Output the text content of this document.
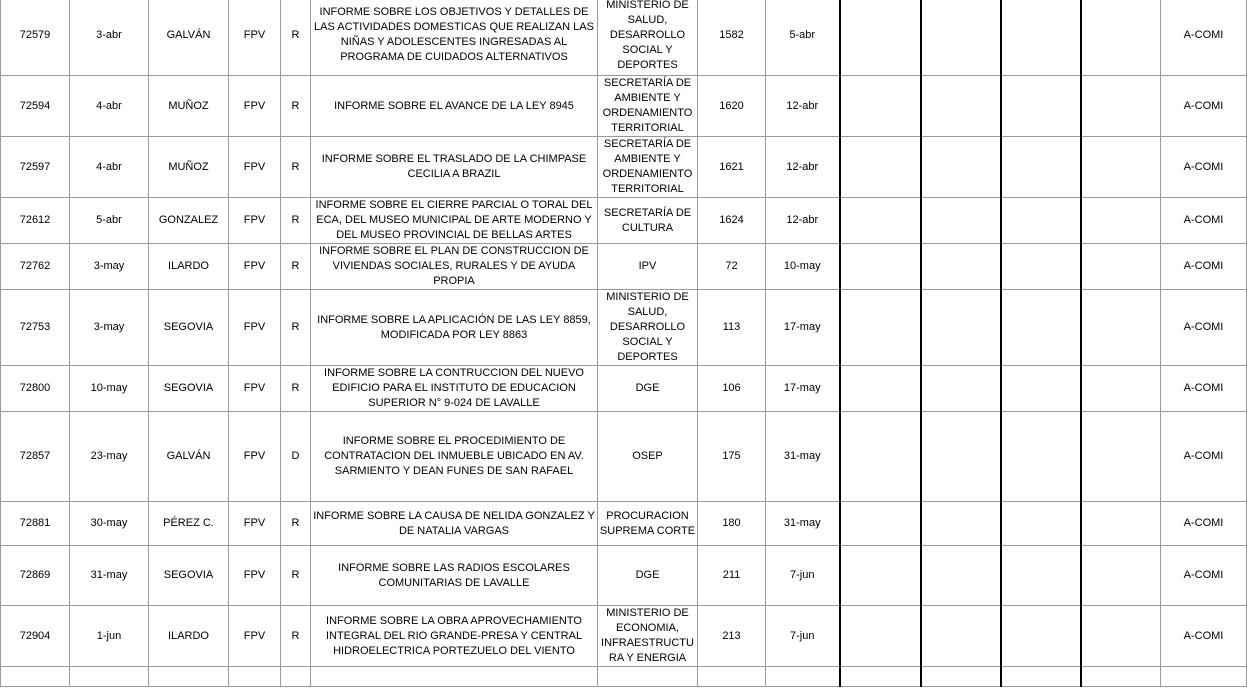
72579	3-abr	GALVÁN	FPV	R	INFORME SOBRE LOS OBJETIVOS Y DETALLES DE LAS ACTIVIDADES DOMESTICAS QUE REALIZAN LAS NIÑAS Y ADOLESCENTES INGRESADAS AL PROGRAMA DE CUIDADOS ALTERNATIVOS	MINISTERIO DE SALUD, DESARROLLO SOCIAL Y DEPORTES	1582	5-abr					A-COMI
72594	4-abr	MUÑOZ	FPV	R	INFORME SOBRE EL AVANCE DE LA LEY 8945	SECRETARÍA DE AMBIENTE Y ORDENAMIENTO TERRITORIAL	1620	12-abr					A-COMI
72597	4-abr	MUÑOZ	FPV	R	INFORME SOBRE EL TRASLADO DE LA CHIMPASE CECILIA A BRAZIL	SECRETARÍA DE AMBIENTE Y ORDENAMIENTO TERRITORIAL	1621	12-abr					A-COMI
72612	5-abr	GONZALEZ	FPV	R	INFORME SOBRE EL CIERRE PARCIAL O TORAL DEL ECA, DEL MUSEO MUNICIPAL DE ARTE MODERNO Y DEL MUSEO PROVINCIAL DE BELLAS ARTES	SECRETARÍA DE CULTURA	1624	12-abr					A-COMI
72762	3-may	ILARDO	FPV	R	INFORME SOBRE EL PLAN DE CONSTRUCCION DE VIVIENDAS SOCIALES, RURALES Y DE AYUDA PROPIA	IPV	72	10-may					A-COMI
72753	3-may	SEGOVIA	FPV	R	INFORME SOBRE LA APLICACIÓN DE LAS LEY 8859, MODIFICADA POR LEY 8863	MINISTERIO DE SALUD, DESARROLLO SOCIAL Y DEPORTES	113	17-may					A-COMI
72800	10-may	SEGOVIA	FPV	R	INFORME SOBRE LA CONTRUCCION DEL NUEVO EDIFICIO PARA EL INSTITUTO DE EDUCACION SUPERIOR N° 9-024 DE LAVALLE	DGE	106	17-may					A-COMI
72857	23-may	GALVÁN	FPV	D	INFORME SOBRE EL PROCEDIMIENTO DE CONTRATACION DEL INMUEBLE UBICADO EN AV. SARMIENTO Y DEAN FUNES DE SAN RAFAEL	OSEP	175	31-may					A-COMI
72881	30-may	PÉREZ C.	FPV	R	INFORME SOBRE LA CAUSA DE NELIDA GONZALEZ Y DE NATALIA VARGAS	PROCURACION SUPREMA CORTE	180	31-may					A-COMI
72869	31-may	SEGOVIA	FPV	R	INFORME SOBRE LAS RADIOS ESCOLARES COMUNITARIAS DE LAVALLE	DGE	211	7-jun					A-COMI
72904	1-jun	ILARDO	FPV	R	INFORME SOBRE LA OBRA APROVECHAMIENTO INTEGRAL DEL RIO GRANDE-PRESA Y CENTRAL HIDROELECTRICA PORTEZUELO DEL VIENTO	MINISTERIO DE ECONOMIA, INFRAESTRUCTURA Y ENERGIA	213	7-jun					A-COMI
